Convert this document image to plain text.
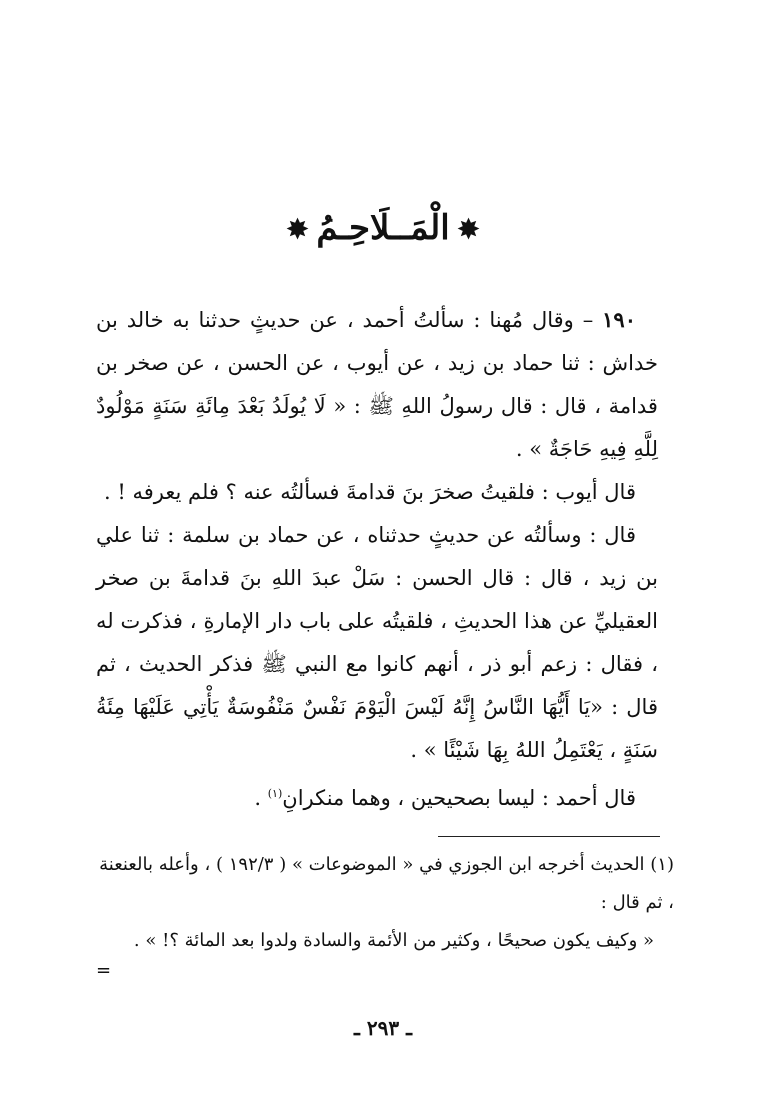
✸الْمَــلَاحِـمُ✸

١٩٠ – وقال مُهنا : سألتُ أحمد ، عن حديثٍ حدثنا به خالد بن خداش : ثنا حماد بن زيد ، عن أيوب ، عن الحسن ، عن صخر بن قدامة ، قال : قال رسولُ اللهِ ﷺ : « لَا يُولَدُ بَعْدَ مِائَةِ سَنَةٍ مَوْلُودٌ لِلَّهِ فِيهِ حَاجَةٌ » .

قال أيوب : فلقيتُ صخرَ بنَ قدامةَ فسألتُه عنه ؟ فلم يعرفه ! .

قال : وسألتُه عن حديثٍ حدثناه ، عن حماد بن سلمة : ثنا علي بن زيد ، قال : قال الحسن : سَلْ عبدَ اللهِ بنَ قدامةَ بن صخر العقيليِّ عن هذا الحديثِ ، فلقيتُه على باب دار الإمارةِ ، فذكرت له ، فقال : زعم أبو ذر ، أنهم كانوا مع النبي ﷺ فذكر الحديث ، ثم قال : «يَا أَيُّهَا النَّاسُ إِنَّهُ لَيْسَ الْيَوْمَ نَفْسٌ مَنْفُوسَةٌ يَأْتِي عَلَيْهَا مِئَةُ سَنَةٍ ، يَعْتَمِلُ اللهُ بِهَا شَيْئًا » .

قال أحمد : ليسا بصحيحين ، وهما منكرانِ$^{(١)}$ .

(١) الحديث أخرجه ابن الجوزي في « الموضوعات » ( ١٩٢/٣ ) ، وأعله بالعنعنة ، ثم قال :

« وكيف يكون صحيحًا ، وكثير من الأئمة والسادة ولدوا بعد المائة ؟! » .

=
ـ ٢٩٣ ـ
